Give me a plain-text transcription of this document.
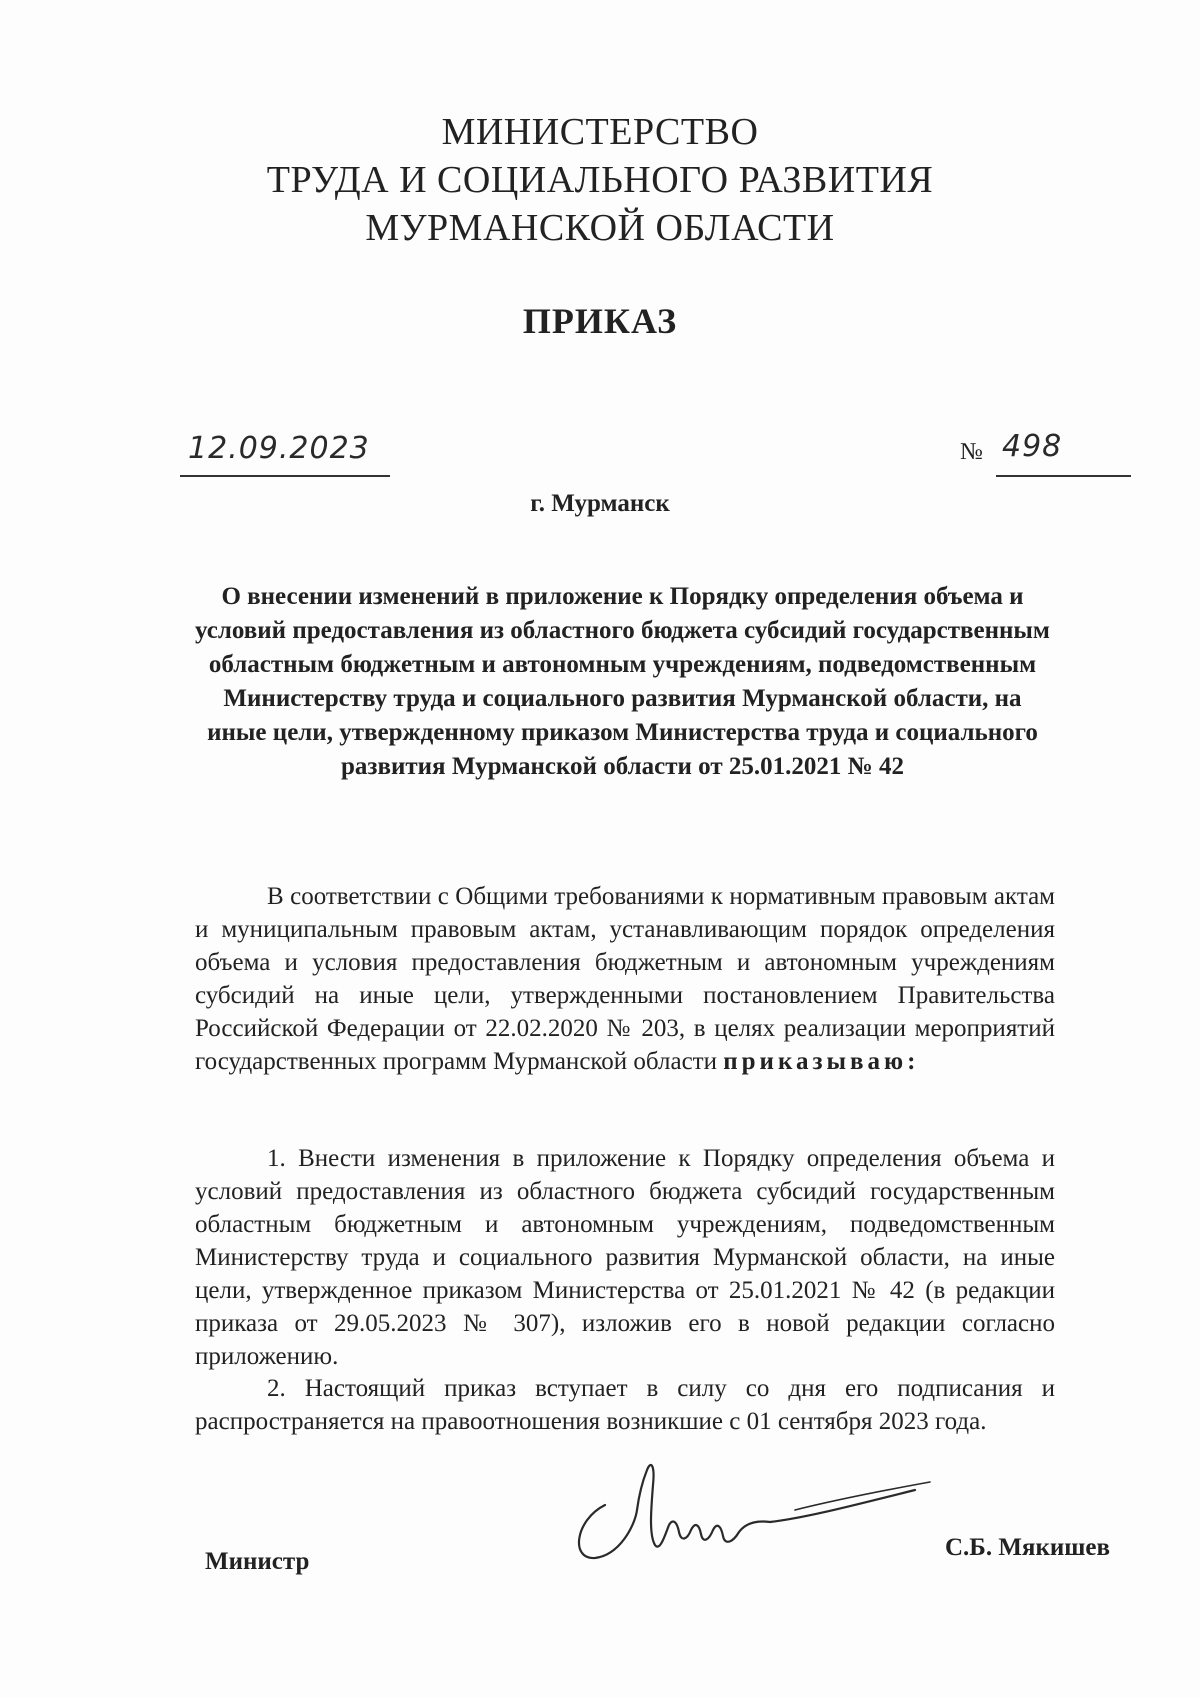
МИНИСТЕРСТВО
ТРУДА И СОЦИАЛЬНОГО РАЗВИТИЯ
МУРМАНСКОЙ ОБЛАСТИ
ПРИКАЗ
12.09.2023	№ 498
г. Мурманск
О внесении изменений в приложение к Порядку определения объема и условий предоставления из областного бюджета субсидий государственным областным бюджетным и автономным учреждениям, подведомственным Министерству труда и социального развития Мурманской области, на иные цели, утвержденному приказом Министерства труда и социального развития Мурманской области от 25.01.2021 № 42
В соответствии с Общими требованиями к нормативным правовым актам и муниципальным правовым актам, устанавливающим порядок определения объема и условия предоставления бюджетным и автономным учреждениям субсидий на иные цели, утвержденными постановлением Правительства Российской Федерации от 22.02.2020 № 203, в целях реализации мероприятий государственных программ Мурманской области приказываю:
1. Внести изменения в приложение к Порядку определения объема и условий предоставления из областного бюджета субсидий государственным областным бюджетным и автономным учреждениям, подведомственным Министерству труда и социального развития Мурманской области, на иные цели, утвержденное приказом Министерства от 25.01.2021 № 42 (в редакции приказа от 29.05.2023 № 307), изложив его в новой редакции согласно приложению.
2. Настоящий приказ вступает в силу со дня его подписания и распространяется на правоотношения возникшие с 01 сентября 2023 года.
Министр
С.Б. Мякишев
